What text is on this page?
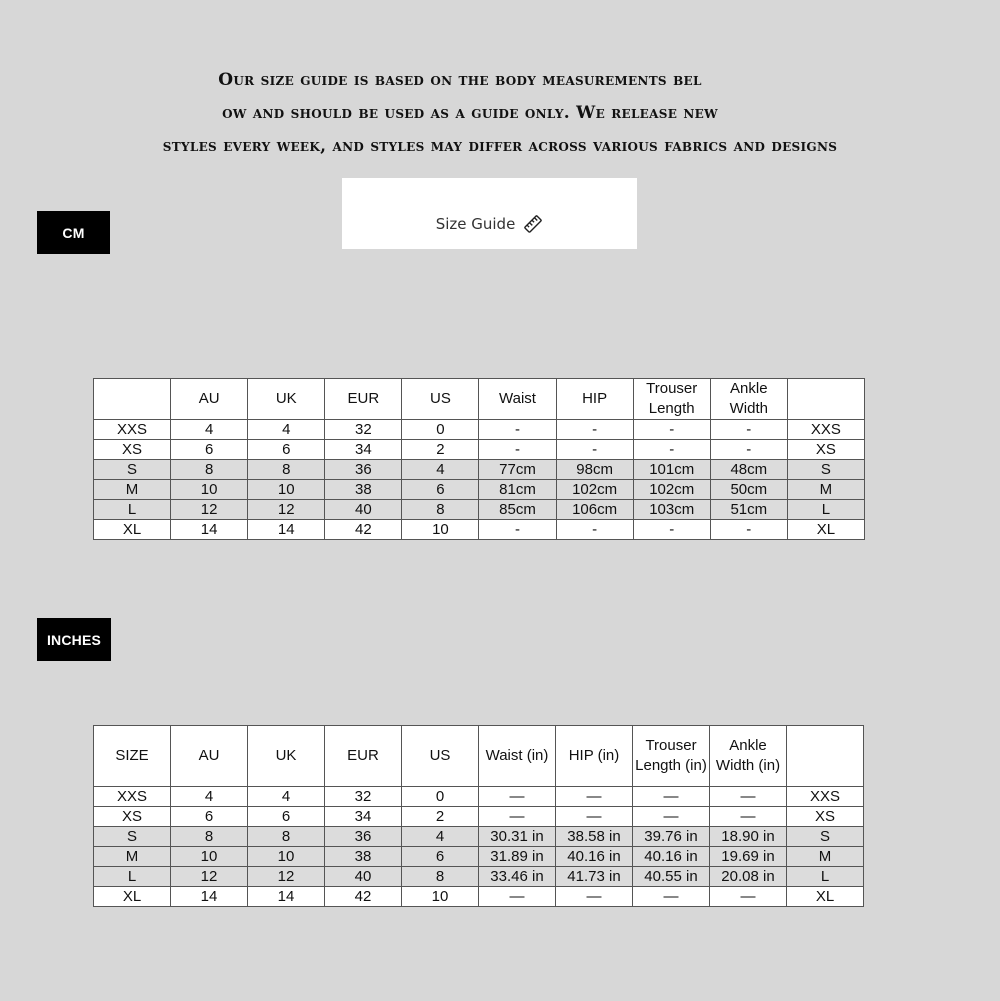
Our size guide is based on the body measurements bel
ow and should be used as a guide only. We release new
styles every week, and styles may differ across various fabrics and designs
Size Guide
CM
	AU	UK	EUR	US	Waist	HIP	Trouser Length	Ankle Width	
XXS	4	4	32	0	-	-	-	-	XXS
XS	6	6	34	2	-	-	-	-	XS
S	8	8	36	4	77cm	98cm	101cm	48cm	S
M	10	10	38	6	81cm	102cm	102cm	50cm	M
L	12	12	40	8	85cm	106cm	103cm	51cm	L
XL	14	14	42	10	-	-	-	-	XL
INCHES
SIZE	AU	UK	EUR	US	Waist (in)	HIP (in)	Trouser Length (in)	Ankle Width (in)	
XXS	4	4	32	0	—	—	—	—	XXS
XS	6	6	34	2	—	—	—	—	XS
S	8	8	36	4	30.31 in	38.58 in	39.76 in	18.90 in	S
M	10	10	38	6	31.89 in	40.16 in	40.16 in	19.69 in	M
L	12	12	40	8	33.46 in	41.73 in	40.55 in	20.08 in	L
XL	14	14	42	10	—	—	—	—	XL
